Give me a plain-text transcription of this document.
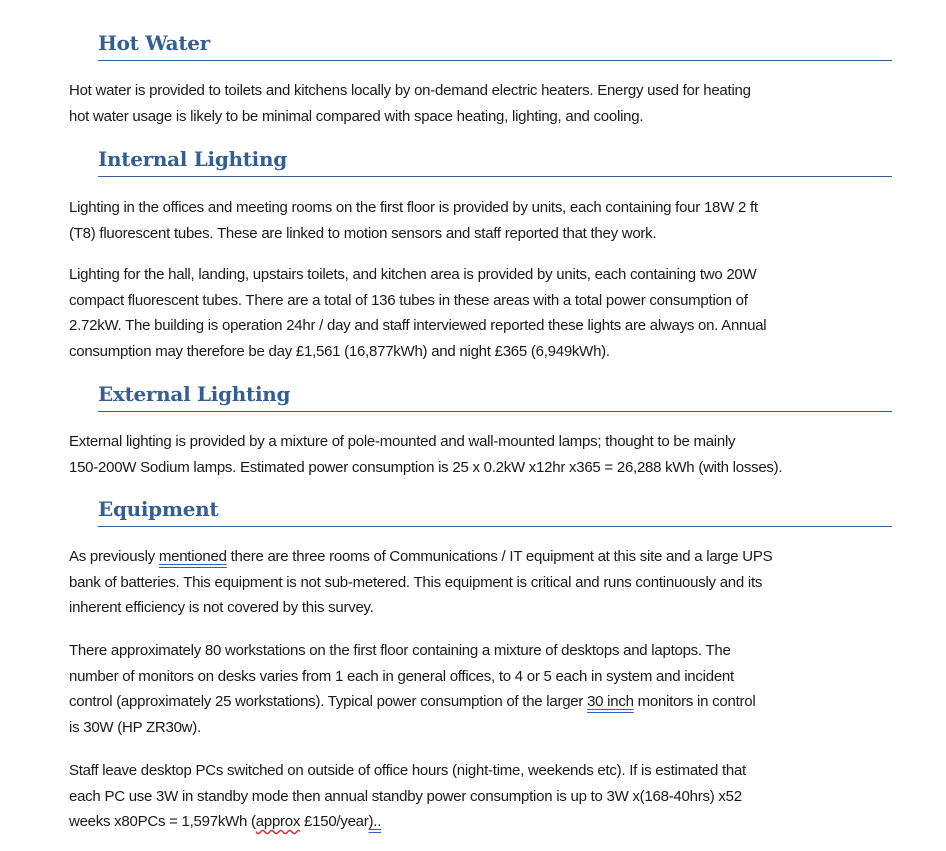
Hot Water
Hot water is provided to toilets and kitchens locally by on-demand electric heaters. Energy used for heating
hot water usage is likely to be minimal compared with space heating, lighting, and cooling.
Internal Lighting
Lighting in the offices and meeting rooms on the first floor is provided by units, each containing four 18W 2 ft
(T8) fluorescent tubes. These are linked to motion sensors and staff reported that they work.
Lighting for the hall, landing, upstairs toilets, and kitchen area is provided by units, each containing two 20W
compact fluorescent tubes. There are a total of 136 tubes in these areas with a total power consumption of
2.72kW. The building is operation 24hr / day and staff interviewed reported these lights are always on. Annual
consumption may therefore be day £1,561 (16,877kWh) and night £365 (6,949kWh).
External Lighting
External lighting is provided by a mixture of pole-mounted and wall-mounted lamps; thought to be mainly
150-200W Sodium lamps. Estimated power consumption is 25 x 0.2kW x12hr x365 = 26,288 kWh (with losses).
Equipment
As previously mentioned there are three rooms of Communications / IT equipment at this site and a large UPS
bank of batteries. This equipment is not sub-metered. This equipment is critical and runs continuously and its
inherent efficiency is not covered by this survey.
There approximately 80 workstations on the first floor containing a mixture of desktops and laptops. The
number of monitors on desks varies from 1 each in general offices, to 4 or 5 each in system and incident
control (approximately 25 workstations). Typical power consumption of the larger 30 inch monitors in control
is 30W (HP ZR30w).
Staff leave desktop PCs switched on outside of office hours (night-time, weekends etc). If is estimated that
each PC use 3W in standby mode then annual standby power consumption is up to 3W x(168-40hrs) x52
weeks x80PCs = 1,597kWh (approx £150/year)..
